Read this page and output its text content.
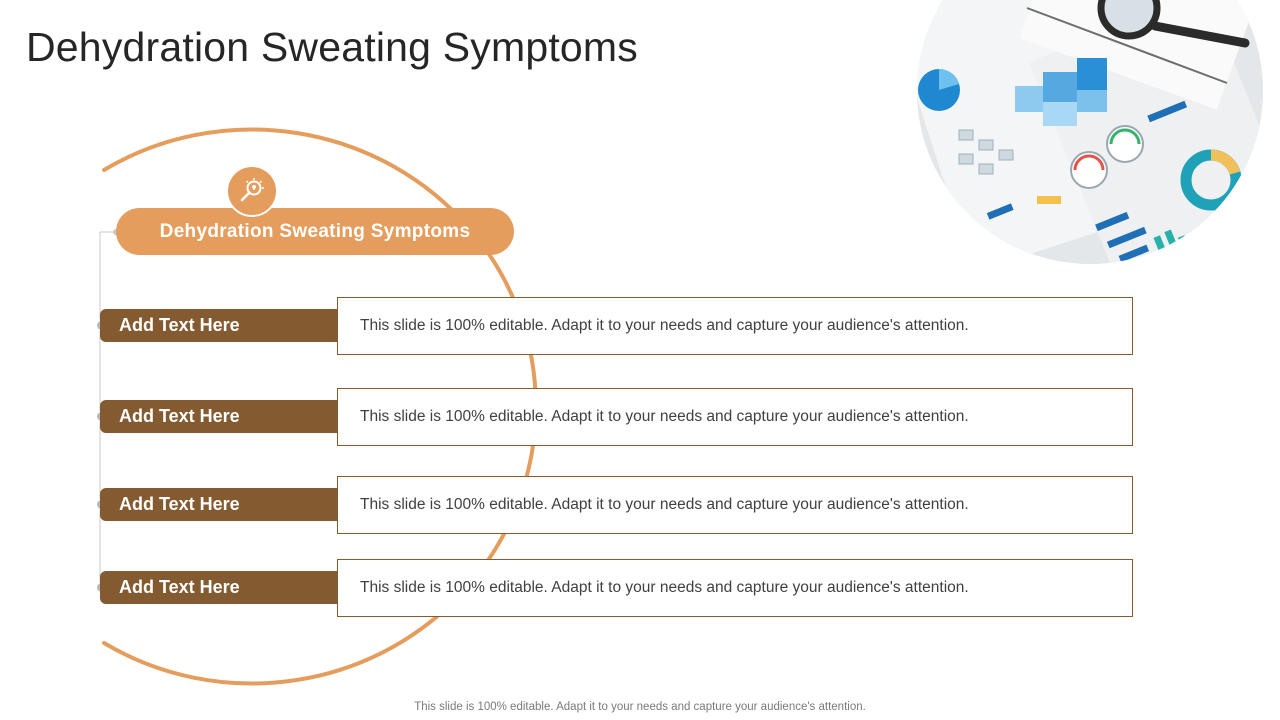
Dehydration Sweating Symptoms
Dehydration Sweating Symptoms
Add Text Here	This slide is 100% editable. Adapt it to your needs and capture your audience's attention.
Add Text Here	This slide is 100% editable. Adapt it to your needs and capture your audience's attention.
Add Text Here	This slide is 100% editable. Adapt it to your needs and capture your audience's attention.
Add Text Here	This slide is 100% editable. Adapt it to your needs and capture your audience's attention.
This slide is 100% editable. Adapt it to your needs and capture your audience's attention.
